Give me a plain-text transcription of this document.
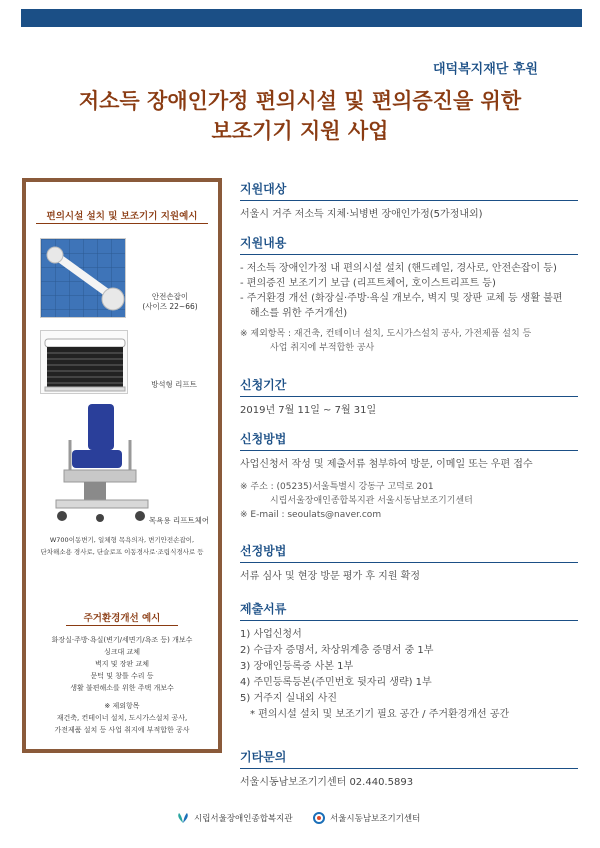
대덕복지재단 후원
저소득 장애인가정 편의시설 및 편의증진을 위한
보조기기 지원 사업
편의시설 설치 및 보조기기 지원예시
안전손잡이
(사이즈 22~66)
방석형 리프트
목욕용 리프트체어
W700이동변기, 일체형 목욕의자, 변기안전손잡이,
단차해소용 경사로, 단슬로프 이동경사로·조립식경사로 등
주거환경개선 예시
화장실·주방·욕실(변기/세면기/욕조 등) 개보수
싱크대 교체
벽지 및 장판 교체
문턱 및 창틀 수리 등
생활 불편해소를 위한 주택 개보수
※ 제외항목
재건축, 컨테이너 설치, 도시가스설치 공사,
가전제품 설치 등 사업 취지에 부적합한 공사
지원대상
서울시 거주 저소득 지체·뇌병변 장애인가정(5가정내외)
지원내용
- 저소득 장애인가정 내 편의시설 설치 (핸드레일, 경사로, 안전손잡이 등)
- 편의증진 보조기기 보급 (리프트체어, 호이스트리프트 등)
- 주거환경 개선 (화장실·주방·욕실 개보수, 벽지 및 장판 교체 등 생활 불편
해소를 위한 주거개선)
※ 제외항목 : 재건축, 컨테이너 설치, 도시가스설치 공사, 가전제품 설치 등
사업 취지에 부적합한 공사
신청기간
2019년 7월 11일 ~ 7월 31일
신청방법
사업신청서 작성 및 제출서류 첨부하여 방문, 이메일 또는 우편 접수
※ 주소 : (05235)서울특별시 강동구 고덕로 201
시립서울장애인종합복지관 서울시동남보조기기센터
※ E-mail : seoulats@naver.com
선정방법
서류 심사 및 현장 방문 평가 후 지원 확정
제출서류
1) 사업신청서
2) 수급자 증명서, 차상위계층 증명서 중 1부
3) 장애인등록증 사본 1부
4) 주민등록등본(주민번호 뒷자리 생략) 1부
5) 거주지 실내외 사진
* 편의시설 설치 및 보조기기 필요 공간 / 주거환경개선 공간
기타문의
서울시동남보조기기센터 02.440.5893
시립서울장애인종합복지관	서울시동남보조기기센터
